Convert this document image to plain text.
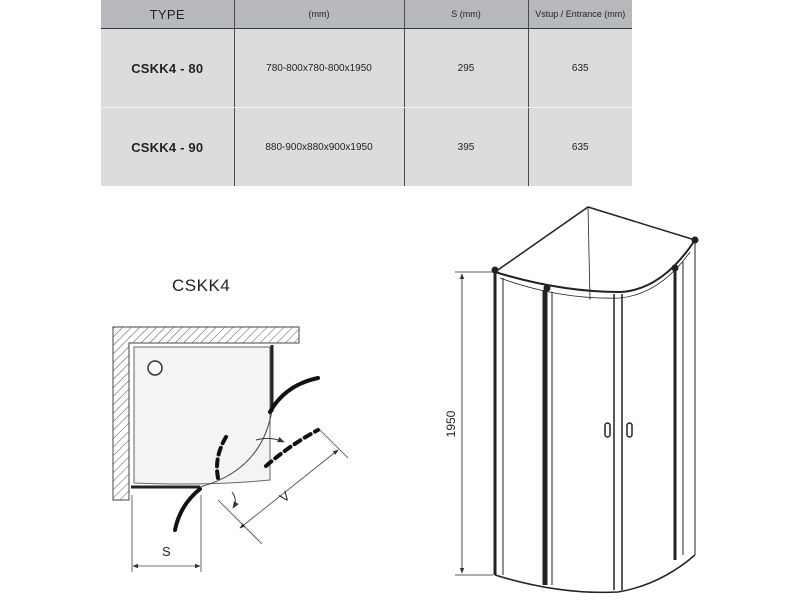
TYPE	(mm)	S (mm)	Vstup / Entrance (mm)
CSKK4 - 80	780-800x780-800x1950	295	635
CSKK4 - 90	880-900x880x900x1950	395	635
CSKK4
V
S
1950
